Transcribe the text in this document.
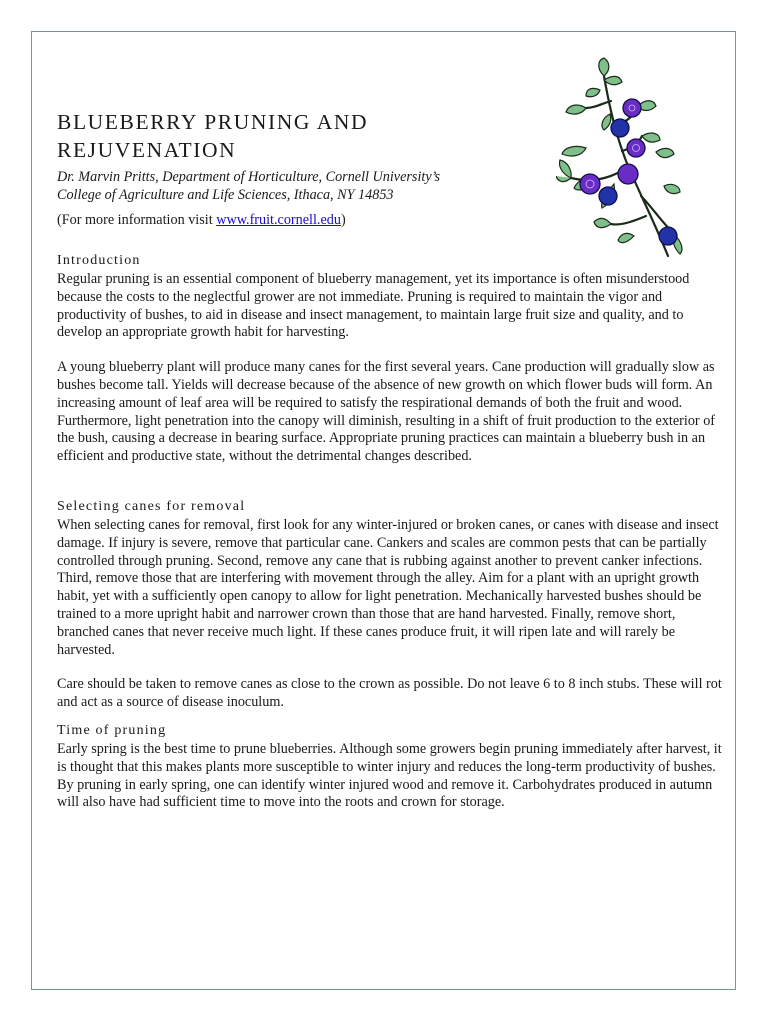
BLUEBERRY PRUNING AND
REJUVENATION

Dr. Marvin Pritts, Department of Horticulture, Cornell University’s
College of Agriculture and Life Sciences, Ithaca, NY 14853

(For more information visit www.fruit.cornell.edu)

Introduction

Regular pruning is an essential component of blueberry management, yet its importance is often misunderstood because the costs to the neglectful grower are not immediate. Pruning is required to maintain the vigor and productivity of bushes, to aid in disease and insect management, to maintain large fruit size and quality, and to develop an appropriate growth habit for harvesting.

A young blueberry plant will produce many canes for the first several years. Cane production will gradually slow as bushes become tall. Yields will decrease because of the absence of new growth on which flower buds will form. An increasing amount of leaf area will be required to satisfy the respirational demands of both the fruit and wood. Furthermore, light penetration into the canopy will diminish, resulting in a shift of fruit production to the exterior of the bush, causing a decrease in bearing surface. Appropriate pruning practices can maintain a blueberry bush in an efficient and productive state, without the detrimental changes described.

Selecting canes for removal

When selecting canes for removal, first look for any winter-injured or broken canes, or canes with disease and insect damage. If injury is severe, remove that particular cane. Cankers and scales are common pests that can be partially controlled through pruning. Second, remove any cane that is rubbing against another to prevent canker infections. Third, remove those that are interfering with movement through the alley. Aim for a plant with an upright growth habit, yet with a sufficiently open canopy to allow for light penetration. Mechanically harvested bushes should be trained to a more upright habit and narrower crown than those that are hand harvested. Finally, remove short, branched canes that never receive much light. If these canes produce fruit, it will ripen late and will rarely be harvested.

Care should be taken to remove canes as close to the crown as possible. Do not leave 6 to 8 inch stubs. These will rot and act as a source of disease inoculum.

Time of pruning

Early spring is the best time to prune blueberries. Although some growers begin pruning immediately after harvest, it is thought that this makes plants more susceptible to winter injury and reduces the long-term productivity of bushes. By pruning in early spring, one can identify winter injured wood and remove it. Carbohydrates produced in autumn will also have had sufficient time to move into the roots and crown for storage.
